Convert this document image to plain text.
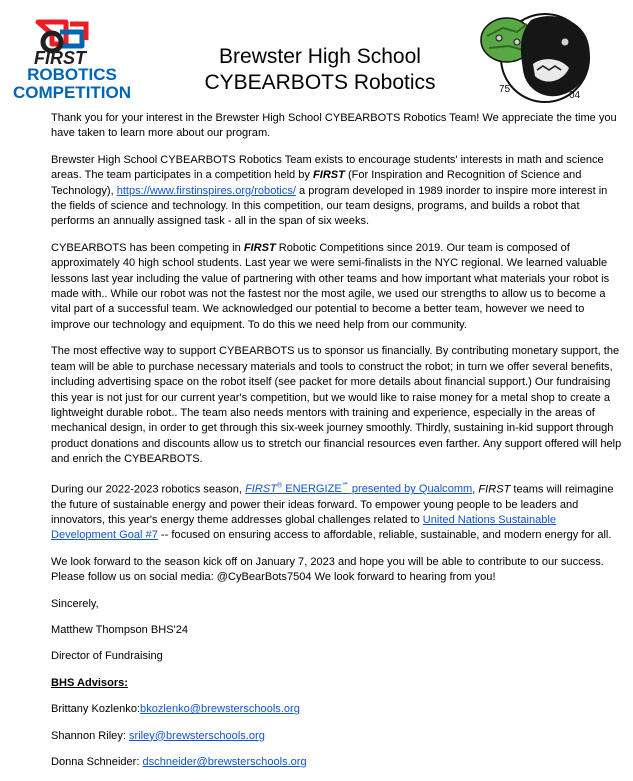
FIRST
ROBOTICS
COMPETITION
Brewster High School
CYBEARBOTS Robotics	75
04

Thank you for your interest in the Brewster High School CYBEARBOTS Robotics Team! We appreciate the time you have taken to learn more about our program.

Brewster High School CYBEARBOTS Robotics Team exists to encourage students' interests in math and science areas. The team participates in a competition held by FIRST (For Inspiration and Recognition of Science and Technology), https://www.firstinspires.org/robotics/ a program developed in 1989 inorder to inspire more interest in the fields of science and technology. In this competition, our team designs, programs, and builds a robot that performs an annually assigned task - all in the span of six weeks.

CYBEARBOTS has been competing in FIRST Robotic Competitions since 2019. Our team is composed of approximately 40 high school students. Last year we were semi-finalists in the NYC regional. We learned valuable lessons last year including the value of partnering with other teams and how important what materials your robot is made with.. While our robot was not the fastest nor the most agile, we used our strengths to allow us to become a vital part of a successful team. We acknowledged our potential to become a better team, however we need to improve our technology and equipment. To do this we need help from our community.

The most effective way to support CYBEARBOTS us to sponsor us financially. By contributing monetary support, the team will be able to purchase necessary materials and tools to construct the robot; in turn we offer several benefits, including advertising space on the robot itself (see packet for more details about financial support.) Our fundraising this year is not just for our current year's competition, but we would like to raise money for a metal shop to create a lightweight durable robot.. The team also needs mentors with training and experience, especially in the areas of mechanical design, in order to get through this six-week journey smoothly. Thirdly, sustaining in-kid support through product donations and discounts allow us to stretch our financial resources even farther. Any support offered will help and enrich the CYBEARBOTS.

During our 2022-2023 robotics season, FIRST® ENERGIZE℠ presented by Qualcomm, FIRST teams will reimagine the future of sustainable energy and power their ideas forward. To empower young people to be leaders and innovators, this year's energy theme addresses global challenges related to United Nations Sustainable Development Goal #7 -- focused on ensuring access to affordable, reliable, sustainable, and modern energy for all.

We look forward to the season kick off on January 7, 2023 and hope you will be able to contribute to our success. Please follow us on social media: @CyBearBots7504 We look forward to hearing from you!

Sincerely,

Matthew Thompson BHS'24

Director of Fundraising

BHS Advisors:

Brittany Kozlenko:bkozlenko@brewsterschools.org

Shannon Riley: sriley@brewsterschools.org

Donna Schneider: dschneider@brewsterschools.org
